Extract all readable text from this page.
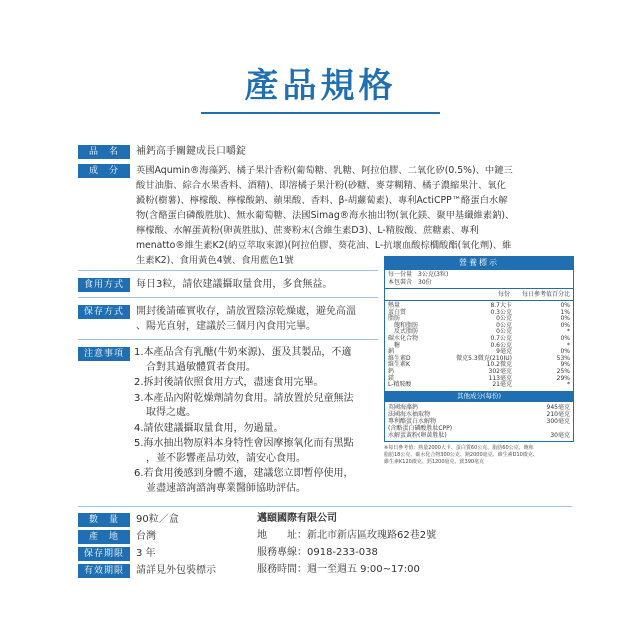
產品規格
品　名	補鈣高手關鍵成長口嚼錠
成　分	英國Aqumin®海藻鈣、橘子果汁香粉(葡萄糖、乳糖、阿拉伯膠、二氧化矽(0.5%)、中鏈三
酸甘油脂、綜合水果香料、酒精)、即溶橘子果汁粉(砂糖、麥芽糊精、橘子濃縮果汁、氧化
澱粉(樹薯)、檸檬酸、檸檬酸鈉、蘋果酸、香料、β-胡蘿蔔素)、專利ActiCPP™酪蛋白水解
物(含酪蛋白磷酸胜肽)、無水葡萄糖、法國Simag®海水抽出物(氧化鎂、聚甲基纖維素鈉)、
檸檬酸、水解蛋黃粉(卵黃胜肽)、蔗麥粉末(含維生素D3)、L-精胺酸、蔗糖素、專利
menatto®維生素K2(納豆萃取來源)(阿拉伯膠、葵花油、L-抗壞血酸棕櫚酸酯(氧化劑)、維
生素K2)、食用黃色4號、食用藍色1號
食用方式	每日3粒，請依建議攝取量食用，多食無益。
保存方式	開封後請確實收存，請放置陰涼乾燥處，避免高溫
、陽光直射，建議於三個月內食用完畢。
注意事項	1.本產品含有乳醣(牛奶來源)、蛋及其製品，不適
合對其過敏體質者食用。
2.拆封後請依照食用方式，盡速食用完畢。
3.本產品內附乾燥劑請勿食用。請放置於兒童無法
取得之處。
4.請依建議攝取量食用，勿過量。
5.海水抽出物原料本身特性會因摩擦氧化而有黑點
，並不影響產品功效，請安心食用。
6.若食用後感到身體不適，建議您立即暫停使用，
並盡速諮詢諮詢專業醫師協助評估。
營養標示
每一份量　3公克(3粒)
本包裝含　30份
每份 每日參考值百分比
熱量	8.7大卡	0%
蛋白質	0.3公克	1%
脂肪	0公克	0%
飽和脂肪	0公克	0%
反式脂肪	0公克	*
碳水化合物	0.7公克	0%
糖	0.6公克	*
鈉	9毫克	0%
維生素D	微克5.3微克(210IU)	53%
維生素K	10.2微克	9%
鈣	302毫克	25%
鎂	113毫克	29%
L-精胺酸	21毫克	*
其他成分(每份)
英國海藻鈣	945毫克
法國海水抽取物	210毫克
專利酪蛋白水解物	300毫克
(含酪蛋白磷酸胜肽CPP)
水解蛋黃粉(卵黃胜肽)	30毫克
※每日參考值：熱量2000大卡、蛋白質60公克、脂肪60公克、飽和
脂肪18公克、碳水化合物300公克、鈉2000毫克、維生素D10微克、
維生素K120微克、鈣1200毫克、鎂390毫克
數　量	90粒／盒
產　地	台灣
保存期限	3 年
有效期限	請詳見外包裝標示
邁頤國際有限公司
地　　址：新北市新店區玫瑰路62巷2號
服務專線：0918-233-038
服務時間：週一至週五 9:00~17:00
